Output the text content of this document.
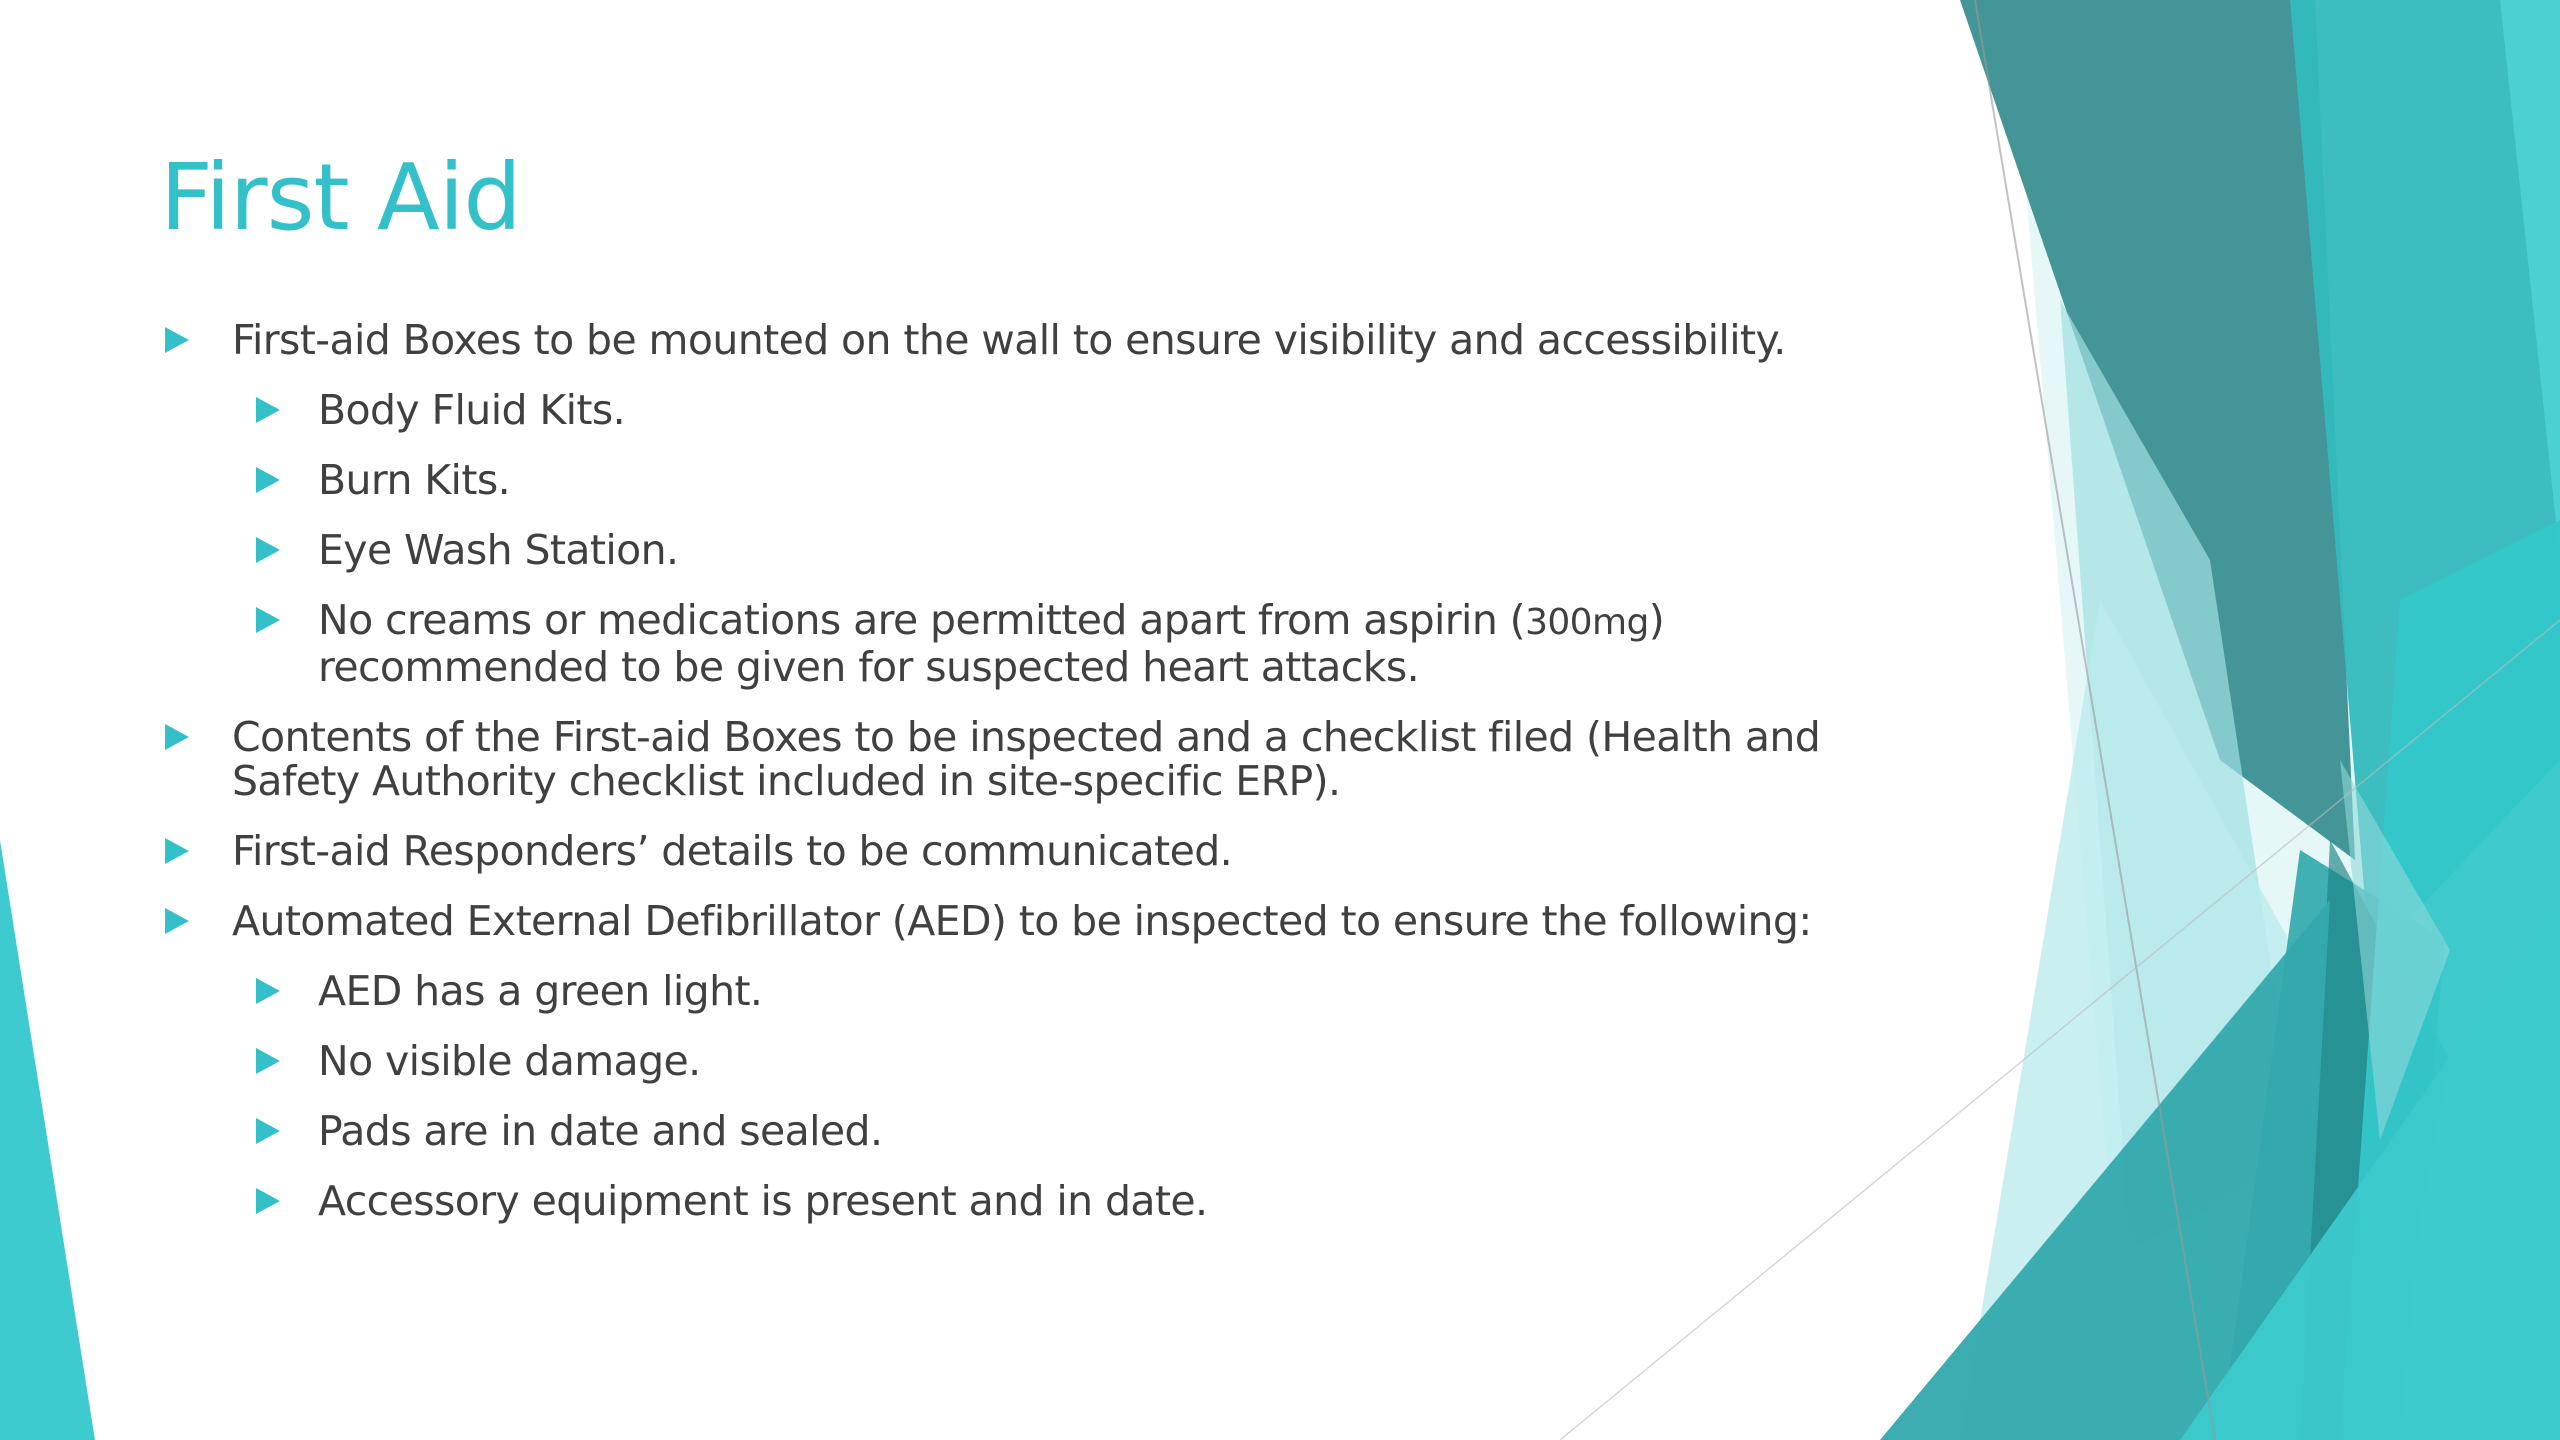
First Aid
First-aid Boxes to be mounted on the wall to ensure visibility and accessibility.
Body Fluid Kits.
Burn Kits.
Eye Wash Station.
No creams or medications are permitted apart from aspirin (300mg) recommended to be given for suspected heart attacks.
Contents of the First-aid Boxes to be inspected and a checklist filed (Health and Safety Authority checklist included in site-specific ERP).
First-aid Responders’ details to be communicated.
Automated External Defibrillator (AED) to be inspected to ensure the following:
AED has a green light.
No visible damage.
Pads are in date and sealed.
Accessory equipment is present and in date.
